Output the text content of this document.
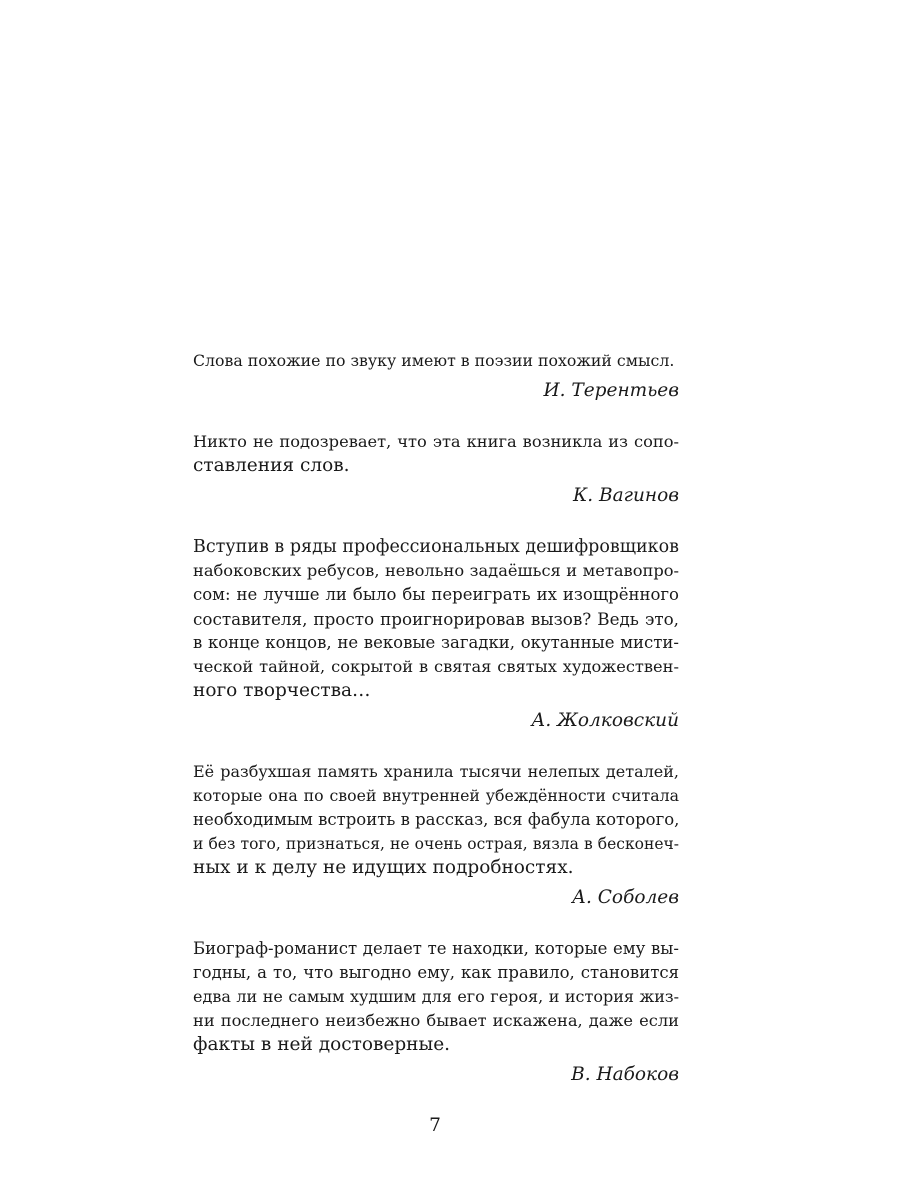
Слова похожие по звуку имеют в поэзии похожий смысл.

И. Терентьев

Никто не подозревает, что эта книга возникла из сопо-
ставления слов.

К. Вагинов

Вступив в ряды профессиональных дешифровщиков
набоковских ребусов, невольно задаёшься и метавопро-
сом: не лучше ли было бы переиграть их изощрённого
составителя, просто проигнорировав вызов? Ведь это,
в конце концов, не вековые загадки, окутанные мисти-
ческой тайной, сокрытой в святая святых художествен-
ного творчества…

А. Жолковский

Её разбухшая память хранила тысячи нелепых деталей,
которые она по своей внутренней убеждённости считала
необходимым встроить в рассказ, вся фабула которого,
и без того, признаться, не очень острая, вязла в бесконеч-
ных и к делу не идущих подробностях.

А. Соболев

Биограф-романист делает те находки, которые ему вы-
годны, а то, что выгодно ему, как правило, становится
едва ли не самым худшим для его героя, и история жиз-
ни последнего неизбежно бывает искажена, даже если
факты в ней достоверные.

В. Набоков

7
